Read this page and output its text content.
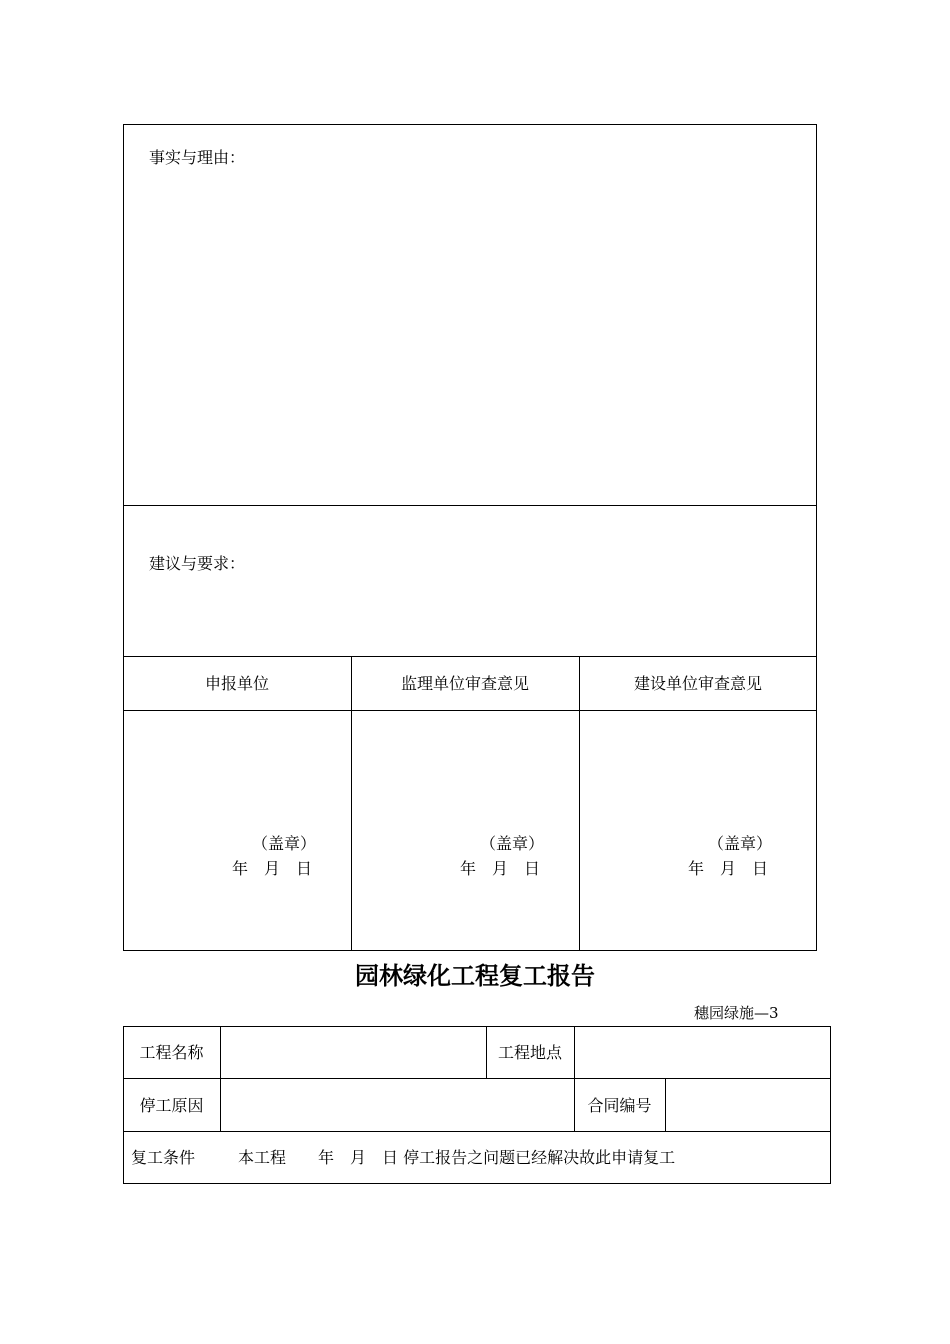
事实与理由：
建议与要求：
申报单位	监理单位审查意见	建设单位审查意见
（盖章）
年　月　日
（盖章）
年　月　日
（盖章）
年　月　日
园林绿化工程复工报告
穗园绿施—3
工程名称	工程地点
停工原因	合同编号
复工条件	本工程　　年　月　日 停工报告之问题已经解决故此申请复工
